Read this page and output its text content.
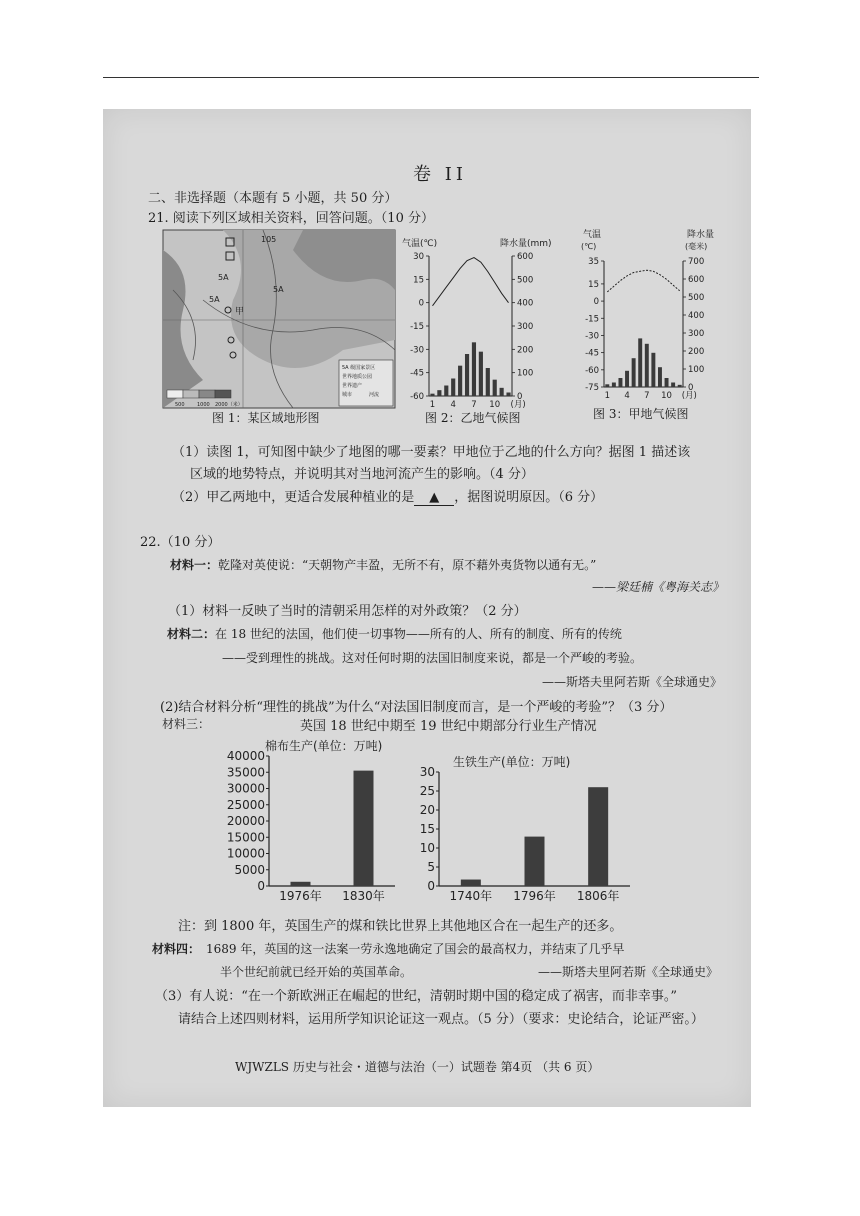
卷 II
二、非选择题（本题有 5 小题，共 50 分）
21. 阅读下列区域相关资料，回答问题。（10 分）
105
5A
5A
甲
5A
5A 级国家景区
世界地质公园
世界遗产
城市	河流
500 1000 2000（米）
图 1：某区域地形图
气温(℃)	降水量(mm)
600
500
400
300
200
100
0
30
15
0
-15
-30
-45
-60
1 4 7 10 (月)
图 2：乙地气候图
气温
(℃)
降水量
(毫米)
700
600
500
400
300
200
100
0
35
15
0
-15
-30
-45
-60
-75
1 4 7 10 (月)
图 3：甲地气候图
（1）读图 1，可知图中缺少了地图的哪一要素？甲地位于乙地的什么方向？据图 1 描述该
区域的地势特点，并说明其对当地河流产生的影响。（4 分）
（2）甲乙两地中，更适合发展种植业的是 ▲ ，据图说明原因。（6 分）
22.（10 分）
材料一：乾隆对英使说：“天朝物产丰盈，无所不有，原不藉外夷货物以通有无。”
——梁廷楠《粤海关志》
（1）材料一反映了当时的清朝采用怎样的对外政策？（2 分）
材料二：在 18 世纪的法国，他们使一切事物——所有的人、所有的制度、所有的传统
——受到理性的挑战。这对任何时期的法国旧制度来说，都是一个严峻的考验。
——斯塔夫里阿若斯《全球通史》
(2)结合材料分析“理性的挑战”为什么“对法国旧制度而言，是一个严峻的考验”？（3 分）
材料三：	英国 18 世纪中期至 19 世纪中期部分行业生产情况
棉布生产(单位：万吨)
40000
35000
30000
25000
20000
15000
10000
5000
0
1976年 1830年
生铁生产(单位：万吨)
30
25
20
15
10
5
0
1740年 1796年 1806年
注：到 1800 年，英国生产的煤和铁比世界上其他地区合在一起生产的还多。
材料四： 1689 年，英国的这一法案一劳永逸地确定了国会的最高权力，并结束了几乎早
半个世纪前就已经开始的英国革命。	——斯塔夫里阿若斯《全球通史》
（3）有人说：“在一个新欧洲正在崛起的世纪，清朝时期中国的稳定成了祸害，而非幸事。”
请结合上述四则材料，运用所学知识论证这一观点。（5 分）（要求：史论结合，论证严密。）
WJWZLS 历史与社会・道德与法治（一）试题卷 第4页 （共 6 页）
